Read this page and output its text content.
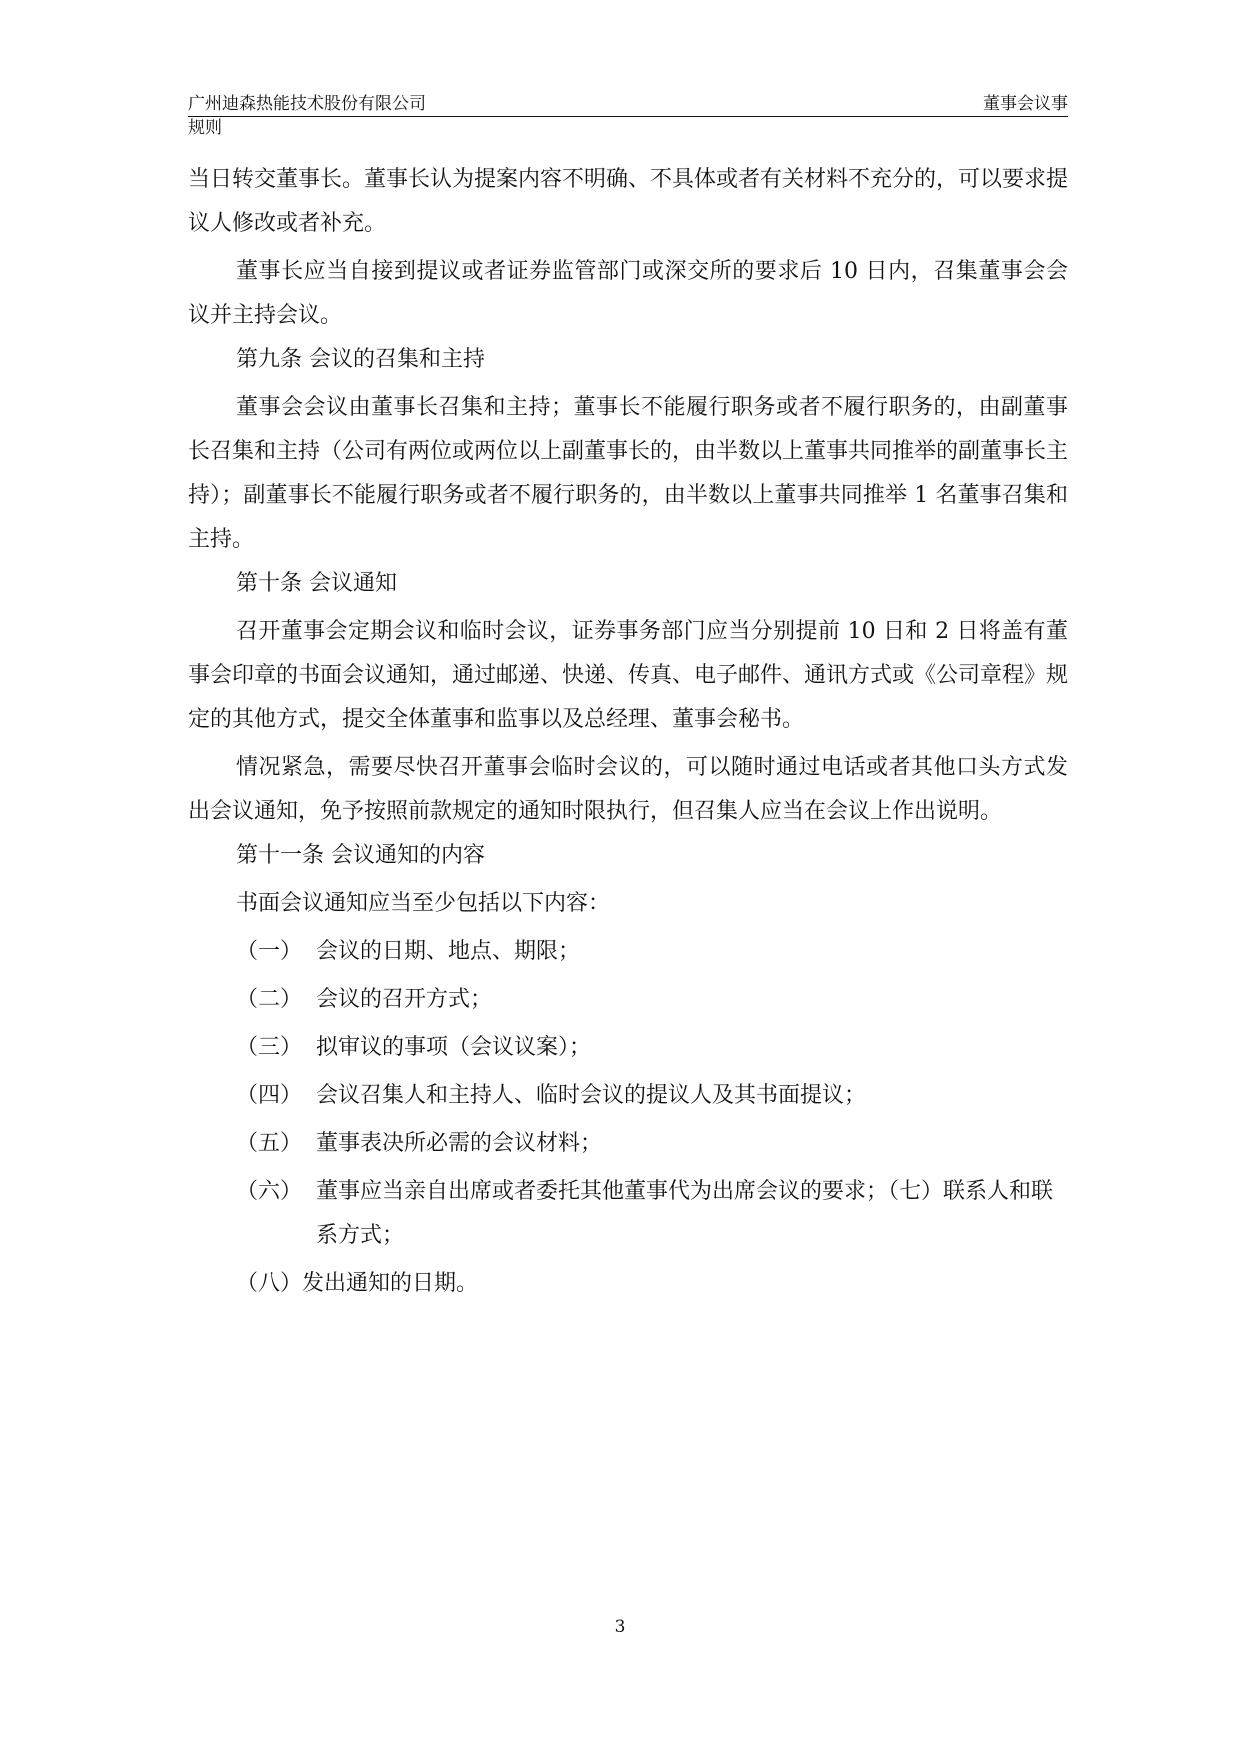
广州迪森热能技术股份有限公司	董事会议事
规则

当日转交董事长。董事长认为提案内容不明确、不具体或者有关材料不充分的，可以要求提议人修改或者补充。

董事长应当自接到提议或者证券监管部门或深交所的要求后 10 日内，召集董事会会议并主持会议。

第九条 会议的召集和主持

董事会会议由董事长召集和主持；董事长不能履行职务或者不履行职务的，由副董事长召集和主持（公司有两位或两位以上副董事长的，由半数以上董事共同推举的副董事长主持）；副董事长不能履行职务或者不履行职务的，由半数以上董事共同推举 1 名董事召集和主持。

第十条 会议通知

召开董事会定期会议和临时会议，证券事务部门应当分别提前 10 日和 2 日将盖有董事会印章的书面会议通知，通过邮递、快递、传真、电子邮件、通讯方式或《公司章程》规定的其他方式，提交全体董事和监事以及总经理、董事会秘书。

情况紧急，需要尽快召开董事会临时会议的，可以随时通过电话或者其他口头方式发出会议通知，免予按照前款规定的通知时限执行，但召集人应当在会议上作出说明。

第十一条 会议通知的内容

书面会议通知应当至少包括以下内容：

（一） 会议的日期、地点、期限；
（二） 会议的召开方式；
（三） 拟审议的事项（会议议案）；
（四） 会议召集人和主持人、临时会议的提议人及其书面提议；
（五） 董事表决所必需的会议材料；
（六） 董事应当亲自出席或者委托其他董事代为出席会议的要求；（七）联系人和联系方式；
（八） 发出通知的日期。
3
